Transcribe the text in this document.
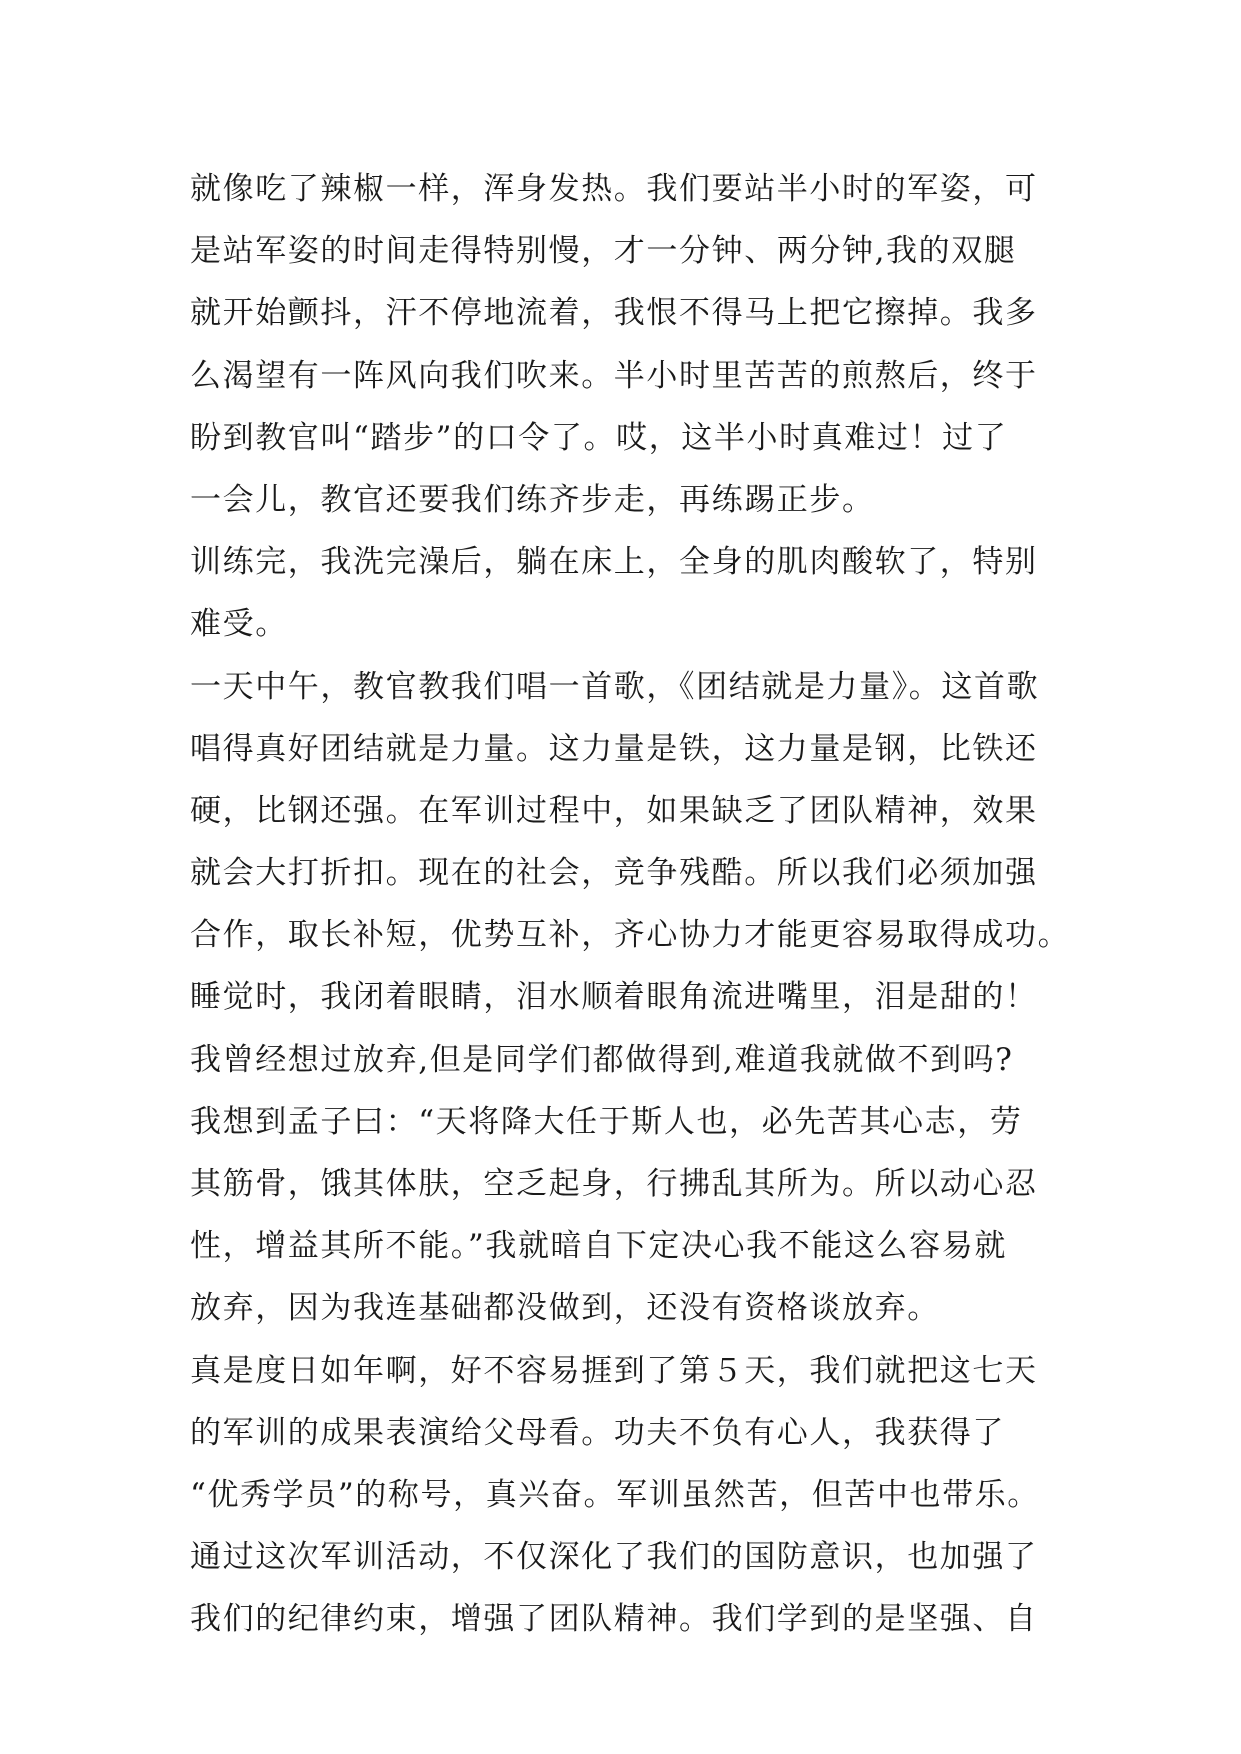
就像吃了辣椒一样，浑身发热。我们要站半小时的军姿，可
是站军姿的时间走得特别慢，才一分钟、两分钟,我的双腿
就开始颤抖，汗不停地流着，我恨不得马上把它擦掉。我多
么渴望有一阵风向我们吹来。半小时里苦苦的煎熬后，终于
盼到教官叫“踏步”的口令了。哎，这半小时真难过！过了
一会儿，教官还要我们练齐步走，再练踢正步。
训练完，我洗完澡后，躺在床上，全身的肌肉酸软了，特别
难受。
一天中午，教官教我们唱一首歌，《团结就是力量》。这首歌
唱得真好团结就是力量。这力量是铁，这力量是钢，比铁还
硬，比钢还强。在军训过程中，如果缺乏了团队精神，效果
就会大打折扣。现在的社会，竞争残酷。所以我们必须加强
合作，取长补短，优势互补，齐心协力才能更容易取得成功。
睡觉时，我闭着眼睛，泪水顺着眼角流进嘴里，泪是甜的！
我曾经想过放弃,但是同学们都做得到,难道我就做不到吗?
我想到孟子曰：“天将降大任于斯人也，必先苦其心志，劳
其筋骨，饿其体肤，空乏起身，行拂乱其所为。所以动心忍
性，增益其所不能。”我就暗自下定决心我不能这么容易就
放弃，因为我连基础都没做到，还没有资格谈放弃。
真是度日如年啊，好不容易捱到了第５天，我们就把这七天
的军训的成果表演给父母看。功夫不负有心人，我获得了
“优秀学员”的称号，真兴奋。军训虽然苦，但苦中也带乐。
通过这次军训活动，不仅深化了我们的国防意识，也加强了
我们的纪律约束，增强了团队精神。我们学到的是坚强、自
